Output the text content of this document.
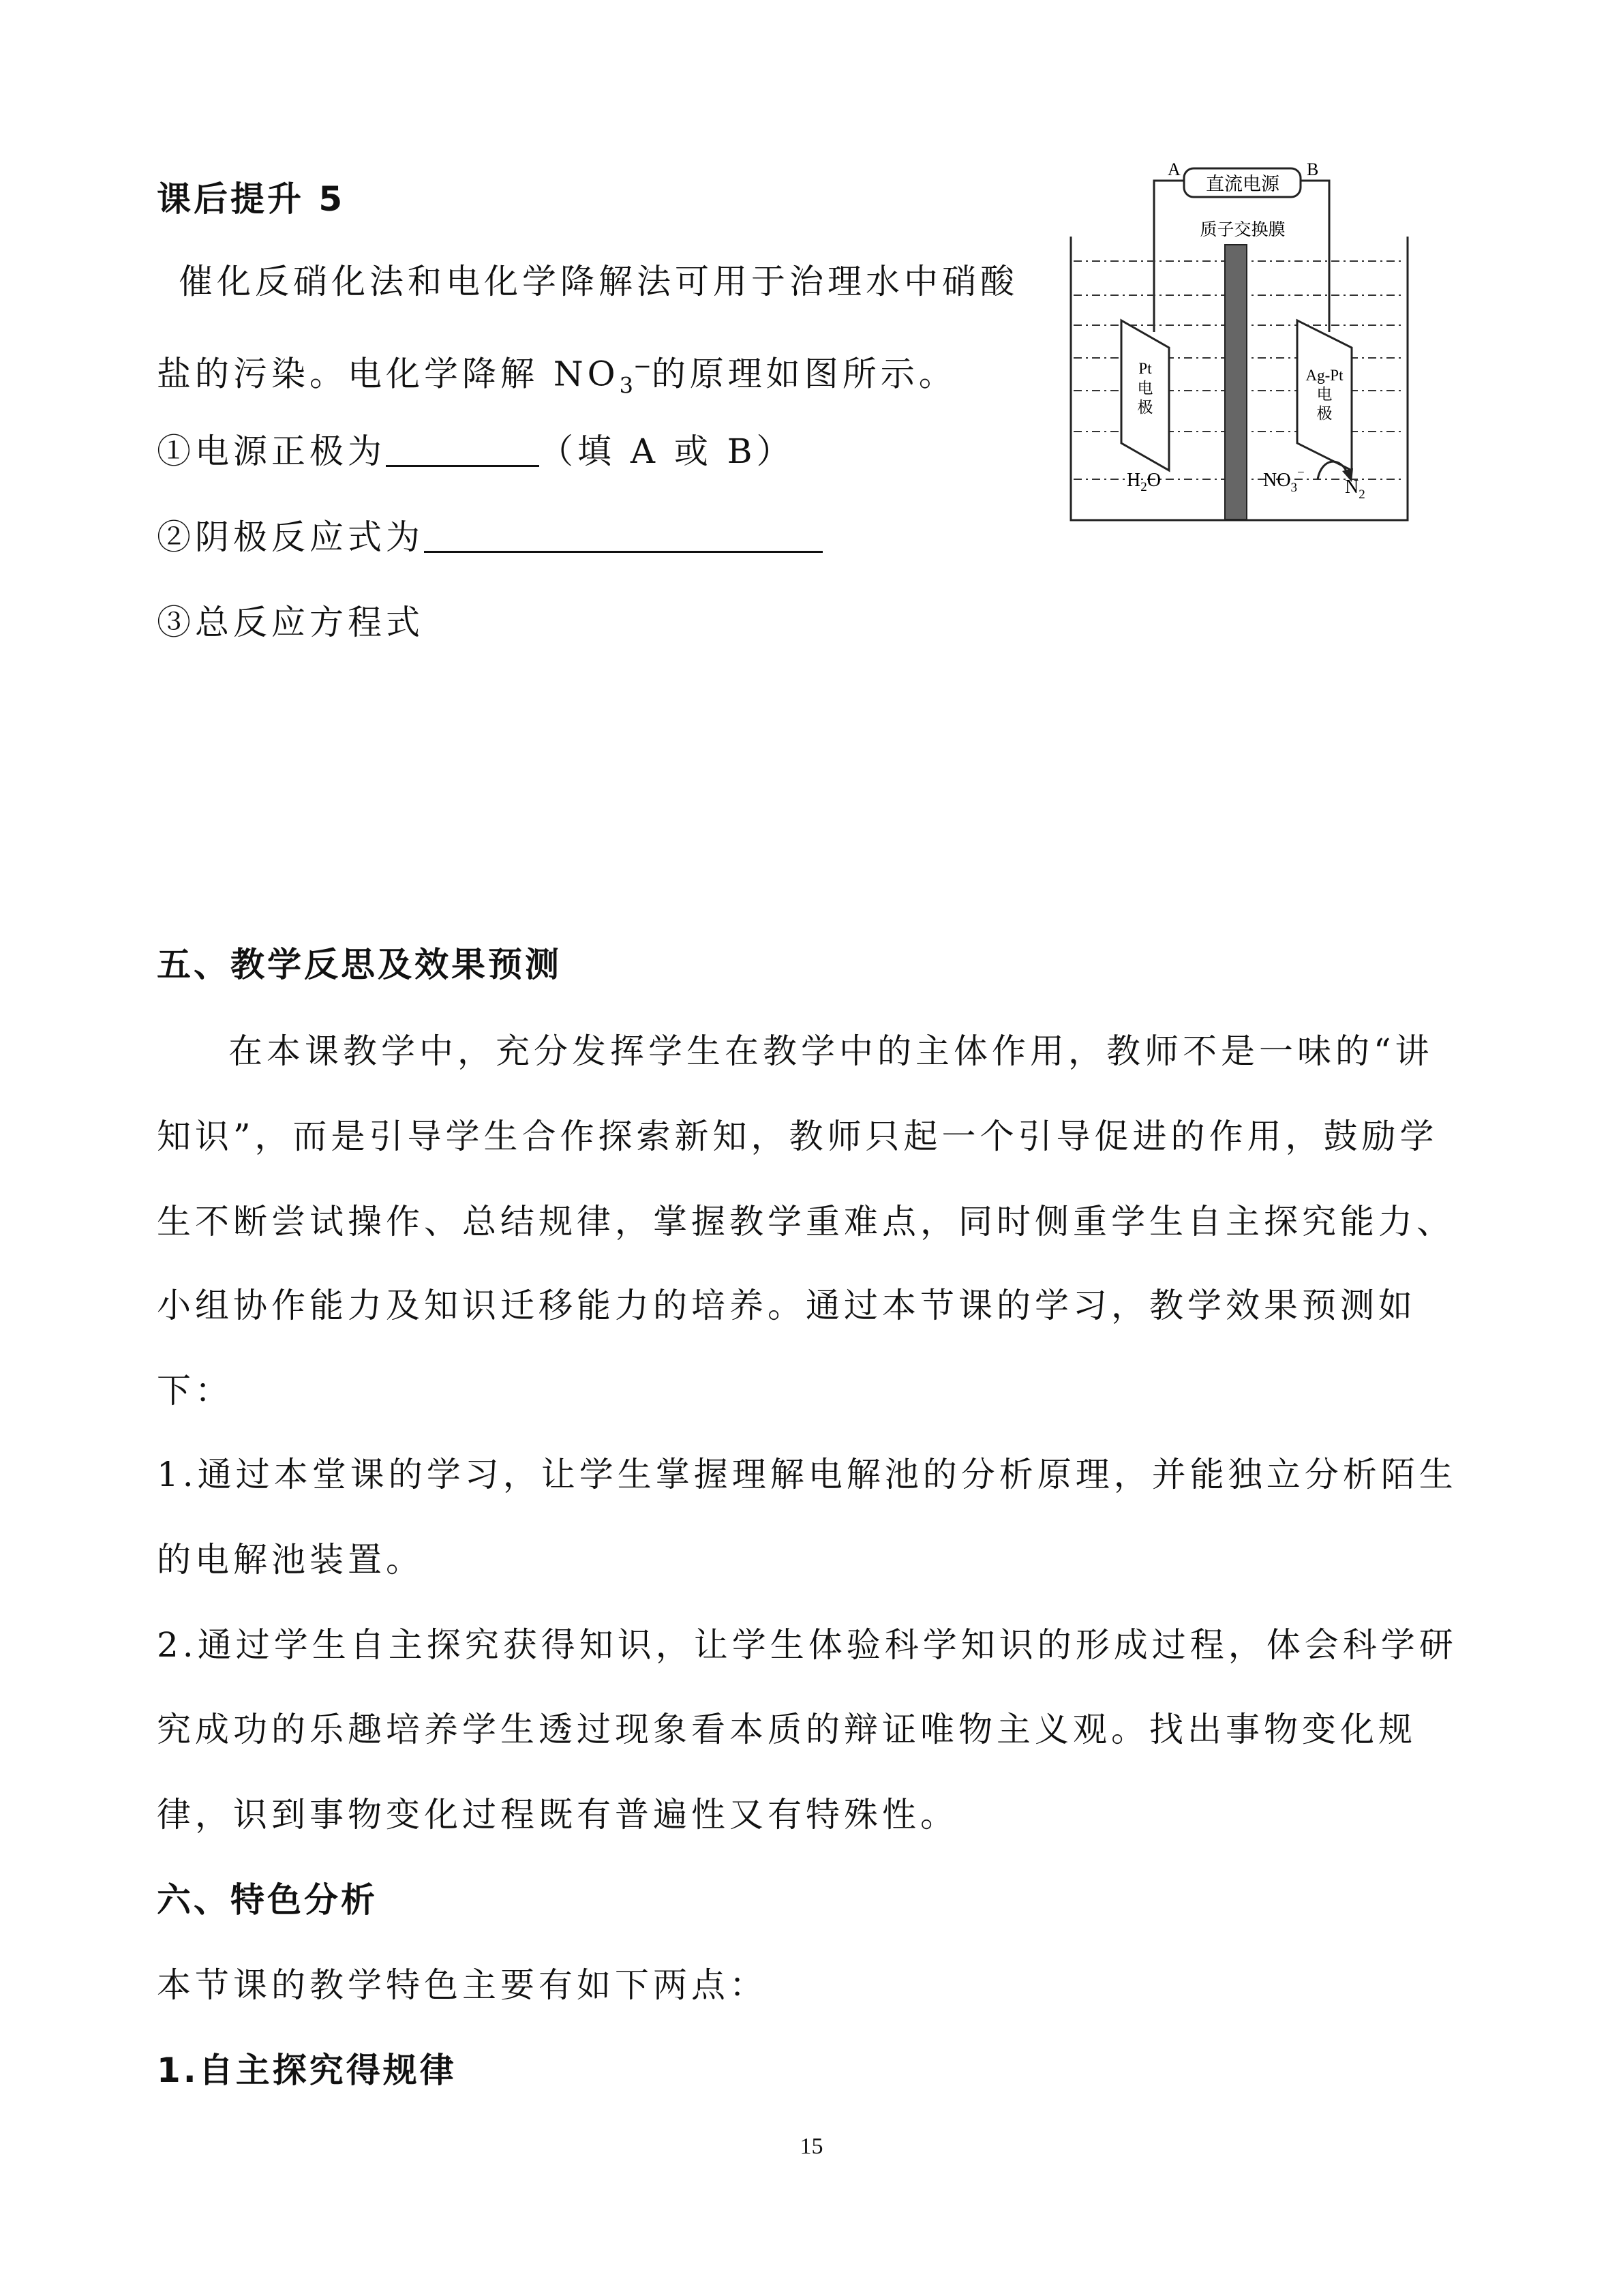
课后提升 5
催化反硝化法和电化学降解法可用于治理水中硝酸
盐的污染。电化学降解 $NO_3^-$的原理如图所示。
①电源正极为	（填 A 或 B）
②阴极反应式为
③总反应方程式
A	B
直流电源
质子交换膜
Pt
电
极
Ag-Pt
电
极
$H_2O$	$NO_3^-$
$N_2$
五、教学反思及效果预测
在本课教学中，充分发挥学生在教学中的主体作用，教师不是一味的“讲
知识”，而是引导学生合作探索新知，教师只起一个引导促进的作用，鼓励学
生不断尝试操作、总结规律，掌握教学重难点，同时侧重学生自主探究能力、
小组协作能力及知识迁移能力的培养。通过本节课的学习，教学效果预测如
下：
1.通过本堂课的学习，让学生掌握理解电解池的分析原理，并能独立分析陌生
的电解池装置。
2.通过学生自主探究获得知识，让学生体验科学知识的形成过程，体会科学研
究成功的乐趣培养学生透过现象看本质的辩证唯物主义观。找出事物变化规
律，识到事物变化过程既有普遍性又有特殊性。
六、特色分析
本节课的教学特色主要有如下两点：
1.自主探究得规律
15
